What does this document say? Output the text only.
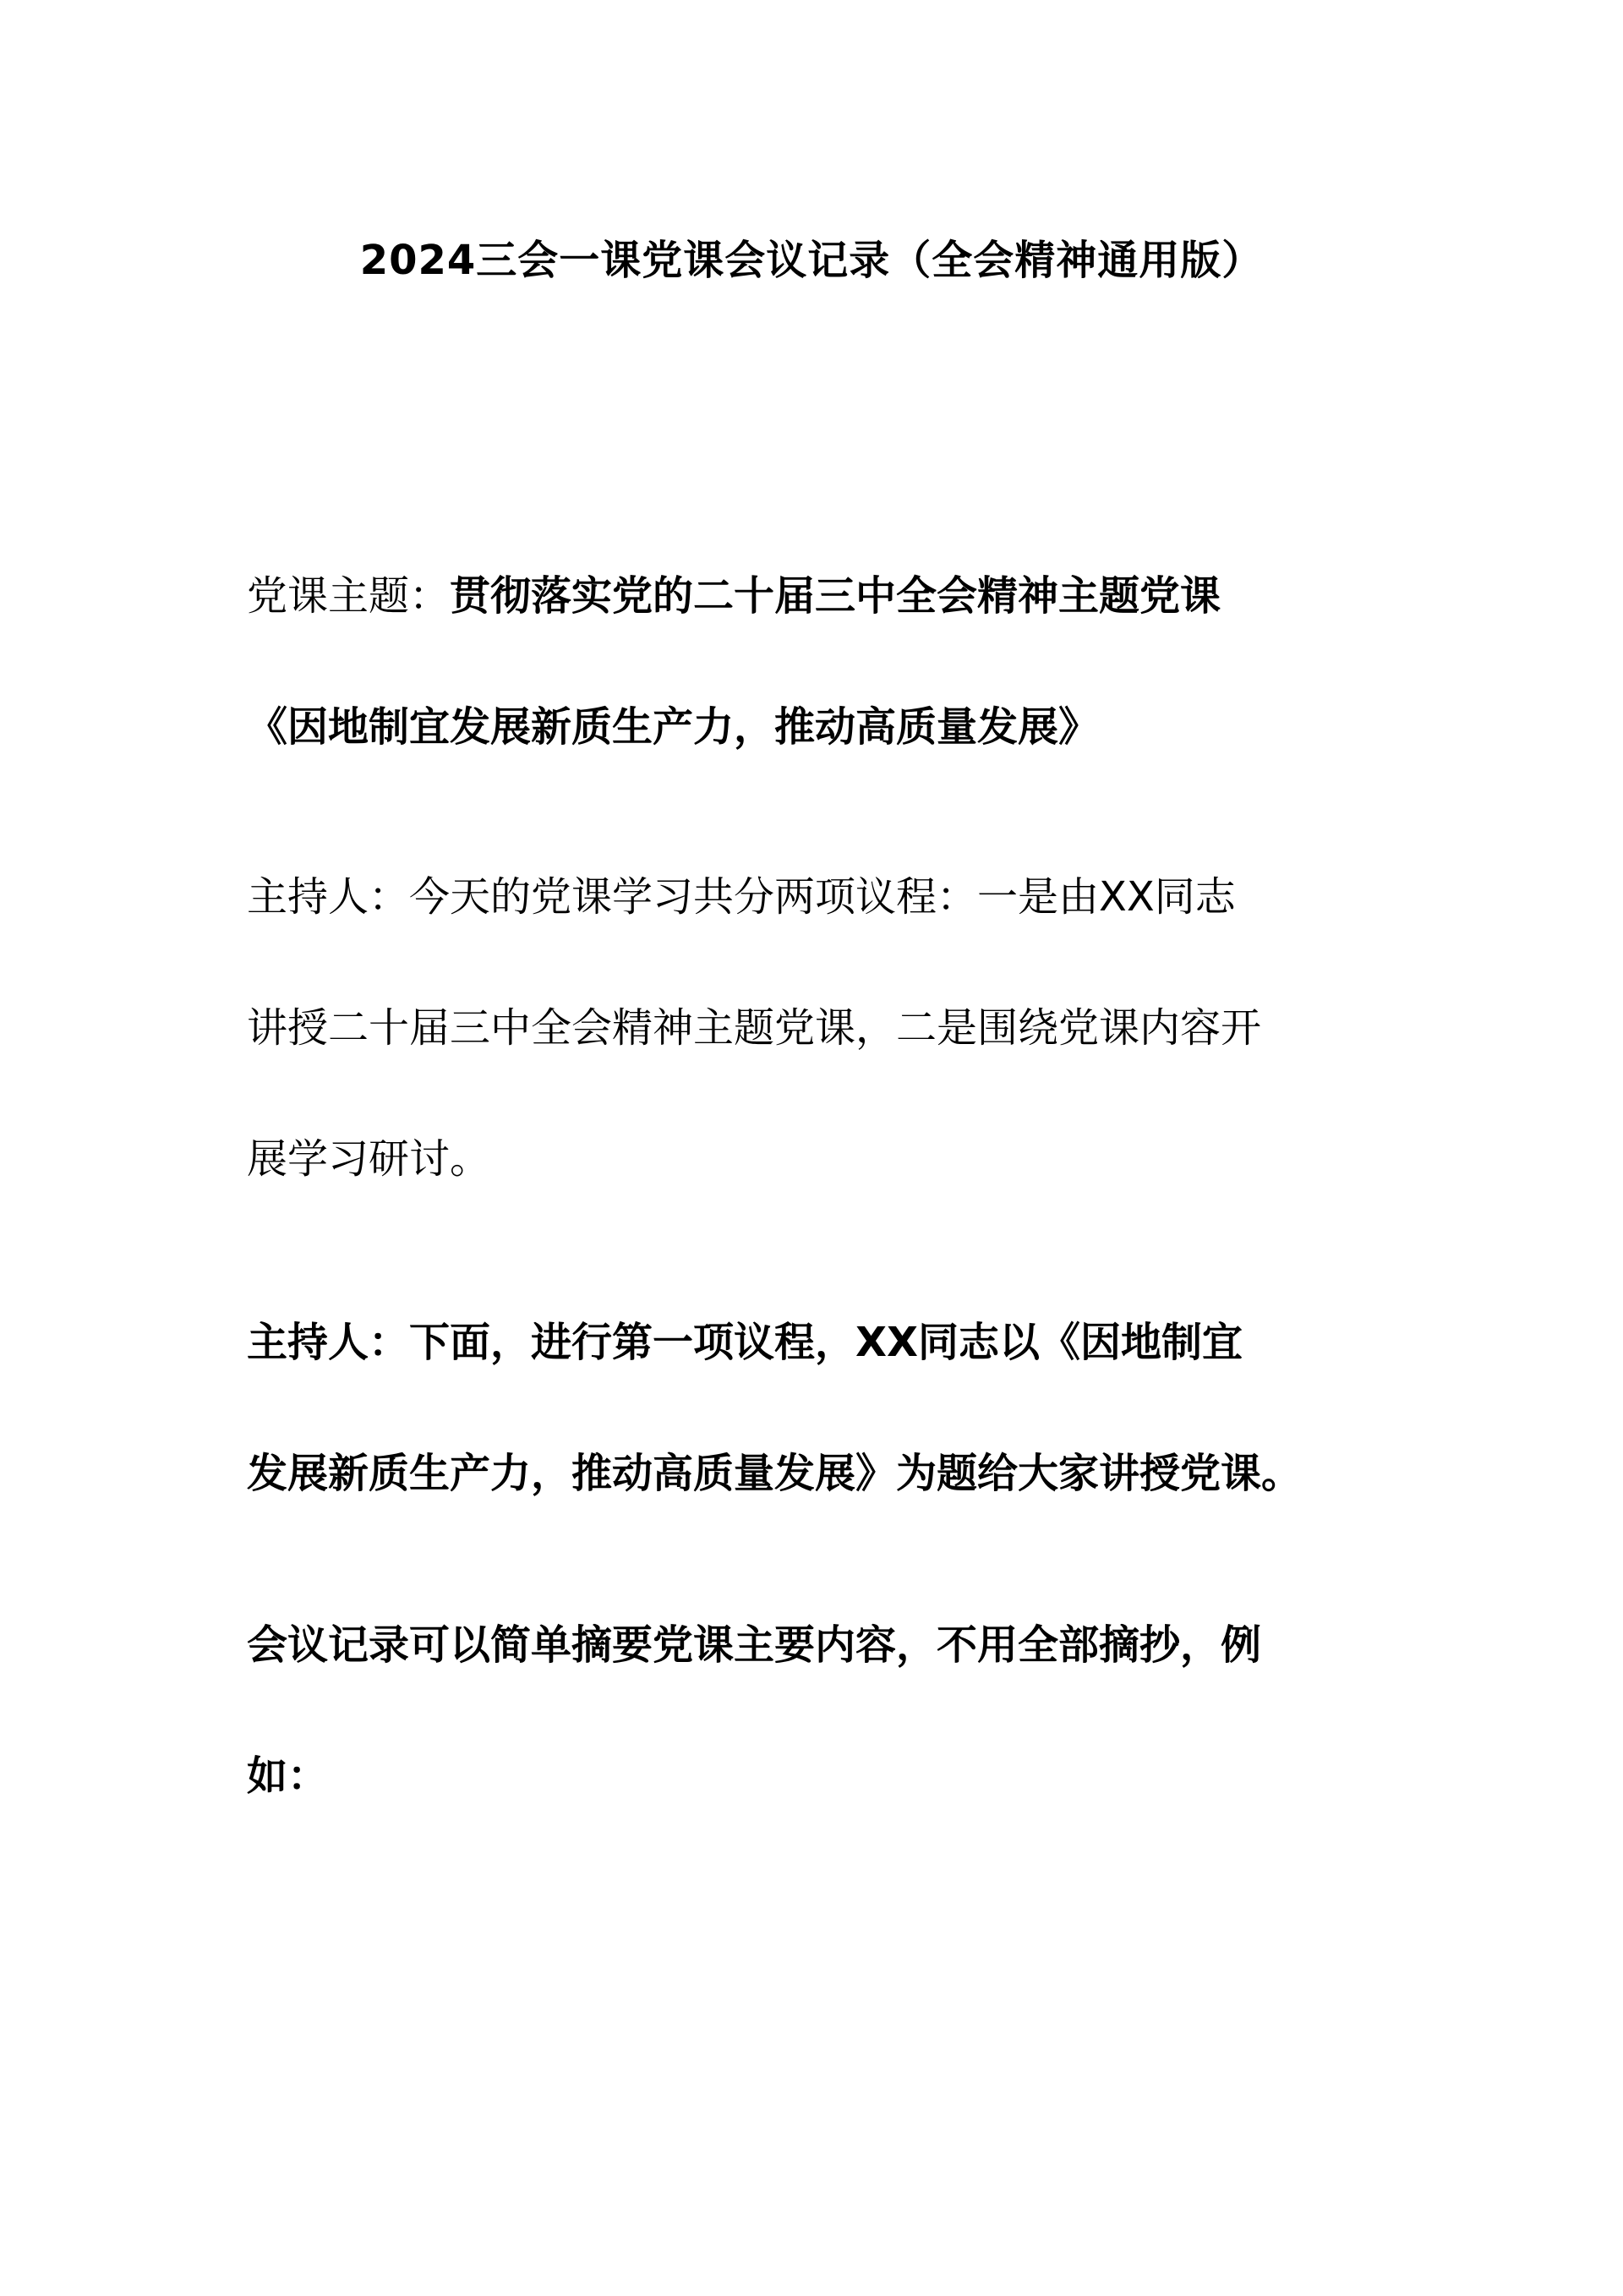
2024三会一课党课会议记录（全会精神通用版）
党课主题：贯彻落实党的二十届三中全会精神主题党课
《因地制宜发展新质生产力，推动高质量发展》
主持人：今天的党课学习共分两项议程：一是由XX同志
讲授二十届三中全会精神主题党课，二是围绕党课内容开
展学习研讨。
主持人：下面，进行第一项议程，XX同志以《因地制宜
发展新质生产力，推动高质量发展》为题给大家讲授党课。
会议记录可以简单摘要党课主要内容，不用全部摘抄，例
如：
